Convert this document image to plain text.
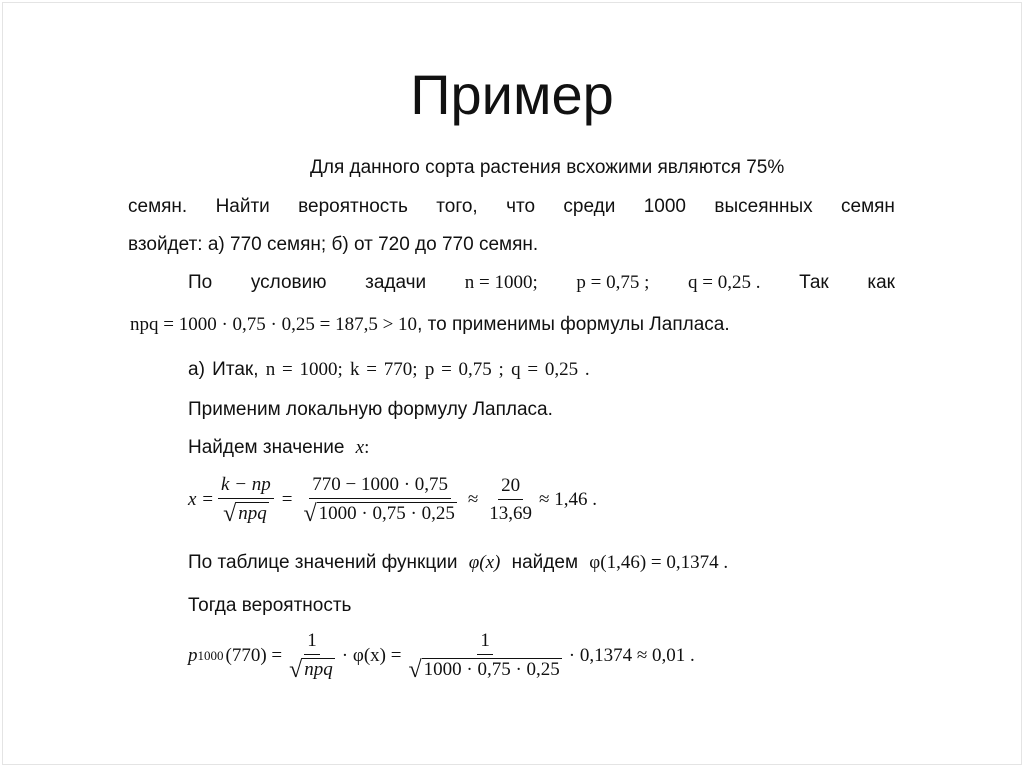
Пример
Для данного сорта растения всхожими являются 75%
семян. Найти вероятность того, что среди 1000 высеянных семян
взойдет: а) 770 семян; б) от 720 до 770 семян.
По условию задачи n = 1000; p = 0,75 ; q = 0,25 . Так как
npq = 1000 · 0,75 · 0,25 = 187,5 > 10, то применимы формулы Лапласа.
а) Итак, n = 1000; k = 770; p = 0,75 ; q = 0,25 .
Применим локальную формулу Лапласа.
Найдем значение x:
$x = \frac{k - np}{\text{√ npq}} = \frac{770 - 1000 \cdot 0,75}{√ 1000 \cdot 0,75 \cdot 0,25} \approx \frac{20}{13,69} \approx 1,46$ .
По таблице значений функции φ(x) найдем φ(1,46) = 0,1374 .
Тогда вероятность
p 1000 $(770) = \frac{1}{\text{√ npq}} \cdot \varphi(x) = \frac{1}{√ 1000 \cdot 0,75 \cdot 0,25} \cdot 0,1374 \approx 0,01$ .
